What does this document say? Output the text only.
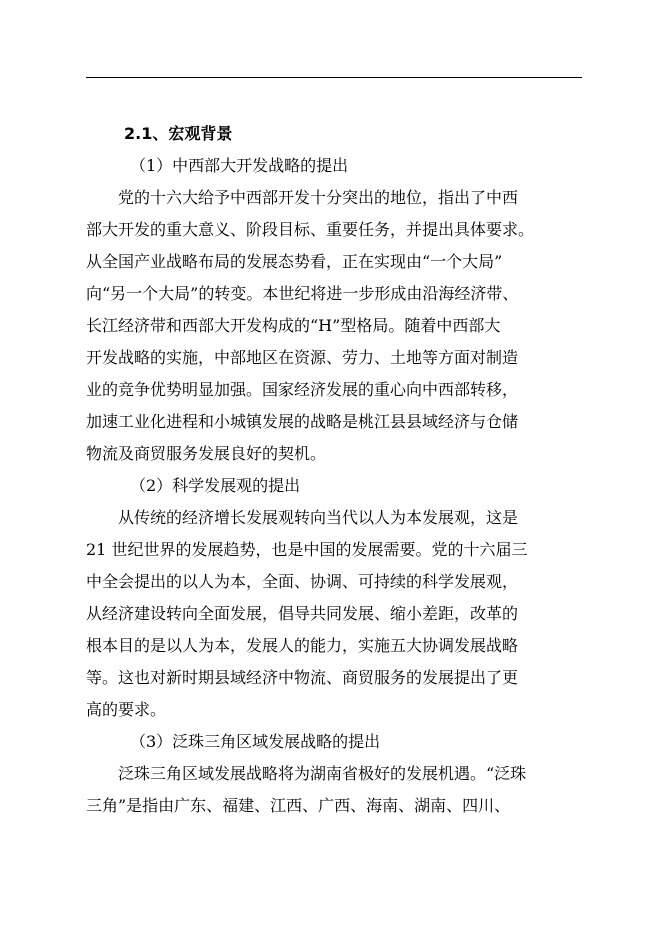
2.1、宏观背景
（1）中西部大开发战略的提出
党的十六大给予中西部开发十分突出的地位，指出了中西
部大开发的重大意义、阶段目标、重要任务，并提出具体要求。
从全国产业战略布局的发展态势看，正在实现由“一个大局”
向“另一个大局”的转变。本世纪将进一步形成由沿海经济带、
长江经济带和西部大开发构成的“H”型格局。随着中西部大
开发战略的实施，中部地区在资源、劳力、土地等方面对制造
业的竞争优势明显加强。国家经济发展的重心向中西部转移，
加速工业化进程和小城镇发展的战略是桃江县县域经济与仓储
物流及商贸服务发展良好的契机。
（2）科学发展观的提出
从传统的经济增长发展观转向当代以人为本发展观，这是
21 世纪世界的发展趋势，也是中国的发展需要。党的十六届三
中全会提出的以人为本，全面、协调、可持续的科学发展观，
从经济建设转向全面发展，倡导共同发展、缩小差距，改革的
根本目的是以人为本，发展人的能力，实施五大协调发展战略
等。这也对新时期县域经济中物流、商贸服务的发展提出了更
高的要求。
（3）泛珠三角区域发展战略的提出
泛珠三角区域发展战略将为湖南省极好的发展机遇。“泛珠
三角”是指由广东、福建、江西、广西、海南、湖南、四川、
